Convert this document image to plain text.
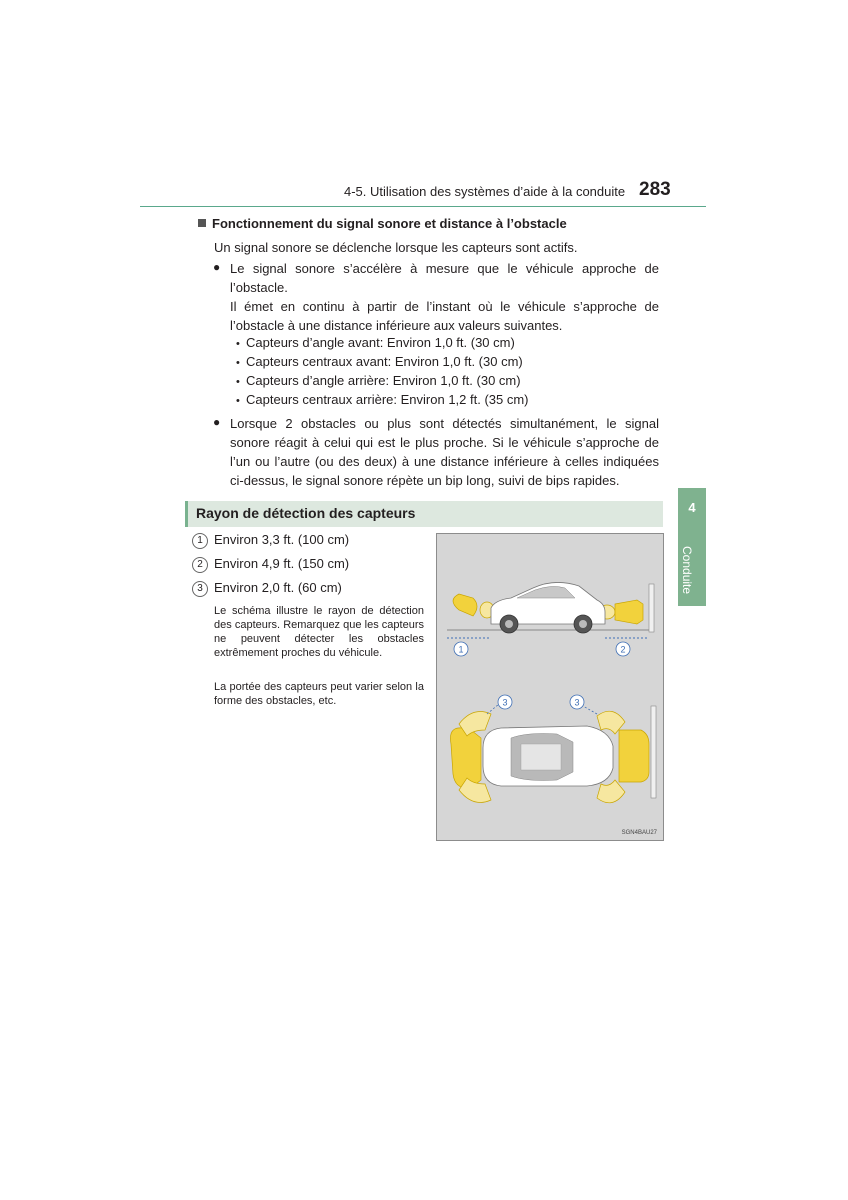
4-5. Utilisation des systèmes d’aide à la conduite 283
Fonctionnement du signal sonore et distance à l’obstacle
Un signal sonore se déclenche lorsque les capteurs sont actifs.
● Le signal sonore s’accélère à mesure que le véhicule approche de l’obstacle.
Il émet en continu à partir de l’instant où le véhicule s’approche de l’obstacle à une distance inférieure aux valeurs suivantes.
• Capteurs d’angle avant: Environ 1,0 ft. (30 cm)
• Capteurs centraux avant: Environ 1,0 ft. (30 cm)
• Capteurs d’angle arrière: Environ 1,0 ft. (30 cm)
• Capteurs centraux arrière: Environ 1,2 ft. (35 cm)
● Lorsque 2 obstacles ou plus sont détectés simultanément, le signal sonore réagit à celui qui est le plus proche. Si le véhicule s’approche de l’un ou l’autre (ou des deux) à une distance inférieure à celles indiquées ci-dessus, le signal sonore répète un bip long, suivi de bips rapides.
Rayon de détection des capteurs	4
Conduite
1 Environ 3,3 ft. (100 cm)
2 Environ 4,9 ft. (150 cm)
3 Environ 2,0 ft. (60 cm)
Le schéma illustre le rayon de détection des capteurs. Remarquez que les capteurs ne peuvent détecter les obstacles extrêmement proches du véhicule.
La portée des capteurs peut varier selon la forme des obstacles, etc.
1	2
3	3
SGN4BAU27
